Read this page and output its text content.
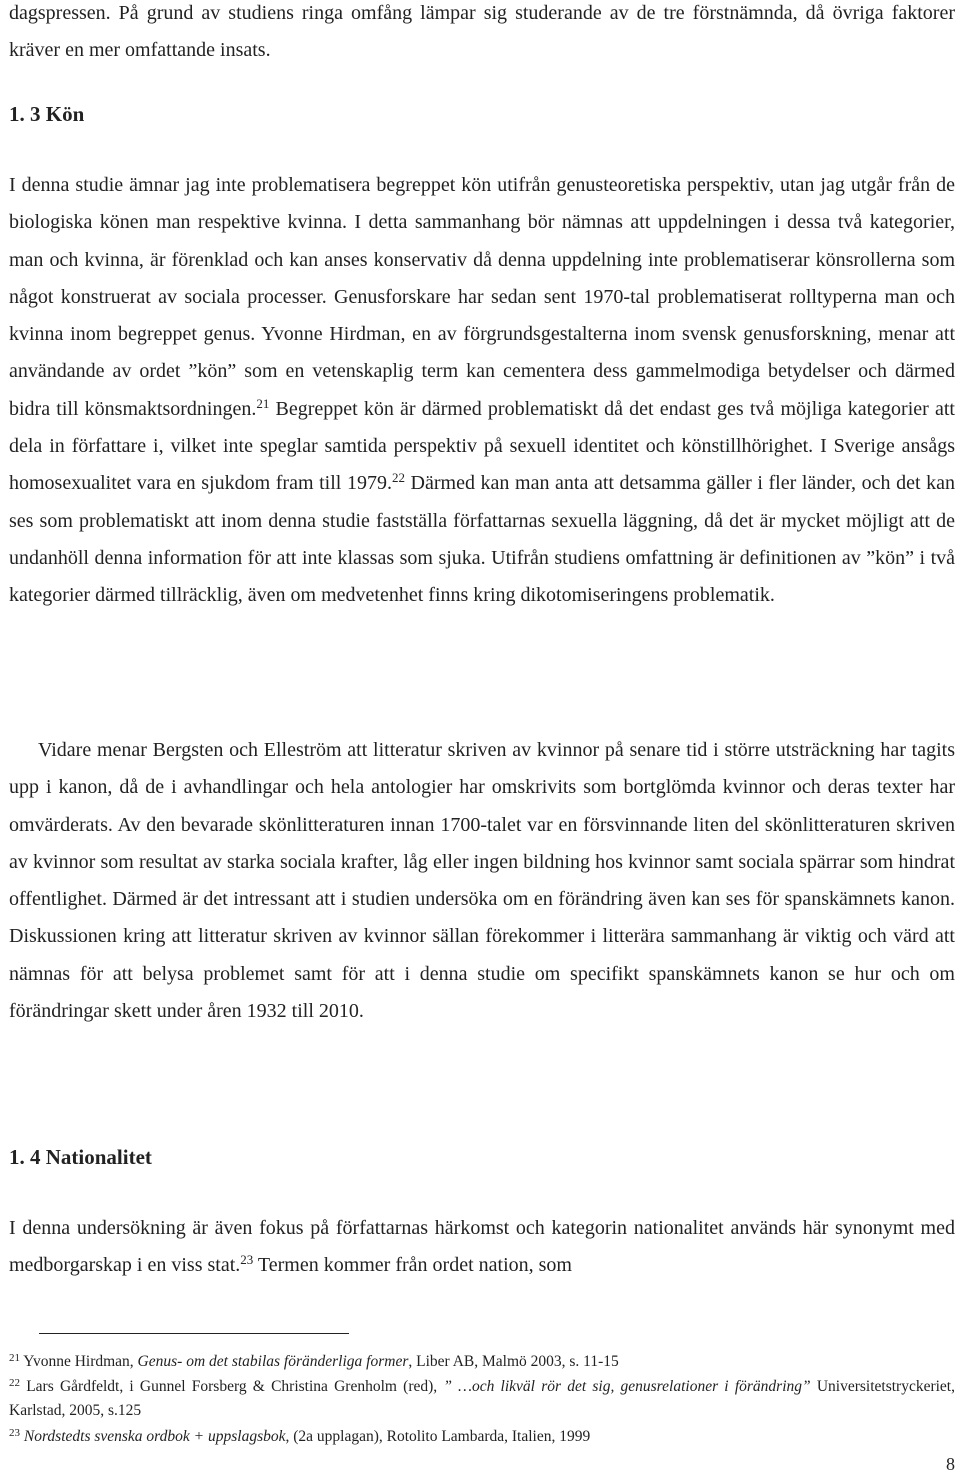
dagspressen. På grund av studiens ringa omfång lämpar sig studerande av de tre förstnämnda, då övriga faktorer kräver en mer omfattande insats.

1. 3 Kön

I denna studie ämnar jag inte problematisera begreppet kön utifrån genusteoretiska perspektiv, utan jag utgår från de biologiska könen man respektive kvinna. I detta sammanhang bör nämnas att uppdelningen i dessa två kategorier, man och kvinna, är förenklad och kan anses konservativ då denna uppdelning inte problematiserar könsrollerna som något konstruerat av sociala processer. Genusforskare har sedan sent 1970-tal problematiserat rolltyperna man och kvinna inom begreppet genus. Yvonne Hirdman, en av förgrundsgestalterna inom svensk genusforskning, menar att användande av ordet ”kön” som en vetenskaplig term kan cementera dess gammelmodiga betydelser och därmed bidra till könsmaktsordningen.$^{21}$ Begreppet kön är därmed problematiskt då det endast ges två möjliga kategorier att dela in författare i, vilket inte speglar samtida perspektiv på sexuell identitet och könstillhörighet. I Sverige ansågs homosexualitet vara en sjukdom fram till 1979.22 Därmed kan man anta att detsamma gäller i fler länder, och det kan ses som problematiskt att inom denna studie fastställa författarnas sexuella läggning, då det är mycket möjligt att de undanhöll denna information för att inte klassas som sjuka. Utifrån studiens omfattning är definitionen av ”kön” i två kategorier därmed tillräcklig, även om medvetenhet finns kring dikotomiseringens problematik.

Vidare menar Bergsten och Elleström att litteratur skriven av kvinnor på senare tid i större utsträckning har tagits upp i kanon, då de i avhandlingar och hela antologier har omskrivits som bortglömda kvinnor och deras texter har omvärderats. Av den bevarade skönlitteraturen innan 1700-talet var en försvinnande liten del skönlitteraturen skriven av kvinnor som resultat av starka sociala krafter, låg eller ingen bildning hos kvinnor samt sociala spärrar som hindrat offentlighet. Därmed är det intressant att i studien undersöka om en förändring även kan ses för spanskämnets kanon. Diskussionen kring att litteratur skriven av kvinnor sällan förekommer i litterära sammanhang är viktig och värd att nämnas för att belysa problemet samt för att i denna studie om specifikt spanskämnets kanon se hur och om förändringar skett under åren 1932 till 2010.

1. 4 Nationalitet

I denna undersökning är även fokus på författarnas härkomst och kategorin nationalitet används här synonymt med medborgarskap i en viss stat.$^{23}$ Termen kommer från ordet nation, som

$^{21}$ Yvonne Hirdman, Genus- om det stabilas föränderliga former, Liber AB, Malmö 2003, s. 11-15

$^{22}$ Lars Gårdfeldt, i Gunnel Forsberg & Christina Grenholm (red), ” …och likväl rör det sig, genusrelationer i förändring” Universitetstryckeriet, Karlstad, 2005, s.125

$^{23}$ Nordstedts svenska ordbok + uppslagsbok, (2a upplagan), Rotolito Lambarda, Italien, 1999

8
